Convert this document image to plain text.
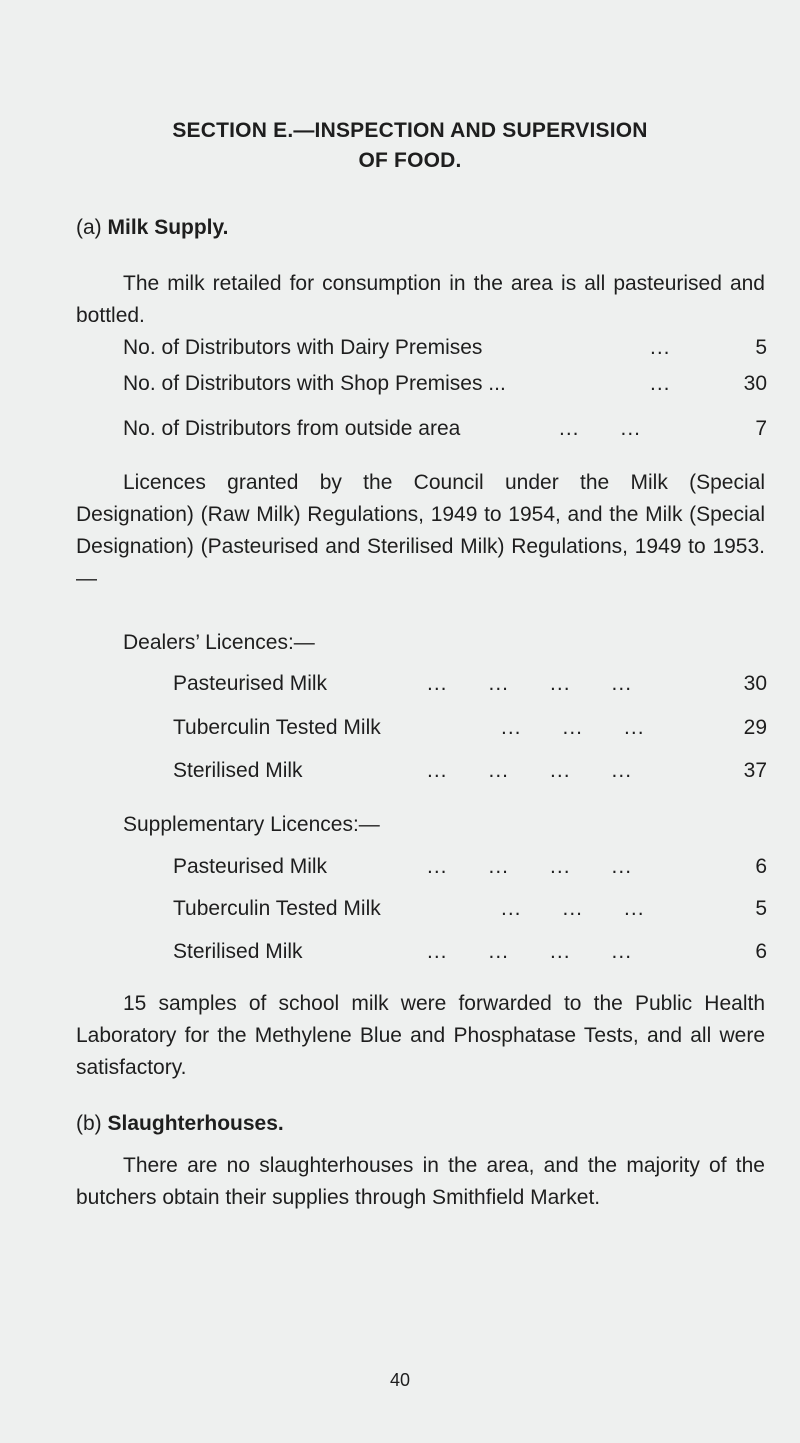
SECTION E.—INSPECTION AND SUPERVISION
OF FOOD.
(a) Milk Supply.
The milk retailed for consumption in the area is all pasteurised and bottled.
No. of Distributors with Dairy Premises	...	5
No. of Distributors with Shop Premises ...	...	30
No. of Distributors from outside area	...      ...	7
Licences granted by the Council under the Milk (Special Designation) (Raw Milk) Regulations, 1949 to 1954, and the Milk (Special Designation) (Pasteurised and Sterilised Milk) Regulations, 1949 to 1953.—
Dealers’ Licences:—
Pasteurised Milk	...      ...      ...      ...	30
Tuberculin Tested Milk	...      ...      ...	29
Sterilised Milk	...      ...      ...      ...	37
Supplementary Licences:—
Pasteurised Milk	...      ...      ...      ...	6
Tuberculin Tested Milk	...      ...      ...	5
Sterilised Milk	...      ...      ...      ...	6
15 samples of school milk were forwarded to the Public Health Laboratory for the Methylene Blue and Phosphatase Tests, and all were satisfactory.
(b) Slaughterhouses.
There are no slaughterhouses in the area, and the majority of the butchers obtain their supplies through Smithfield Market.
40
